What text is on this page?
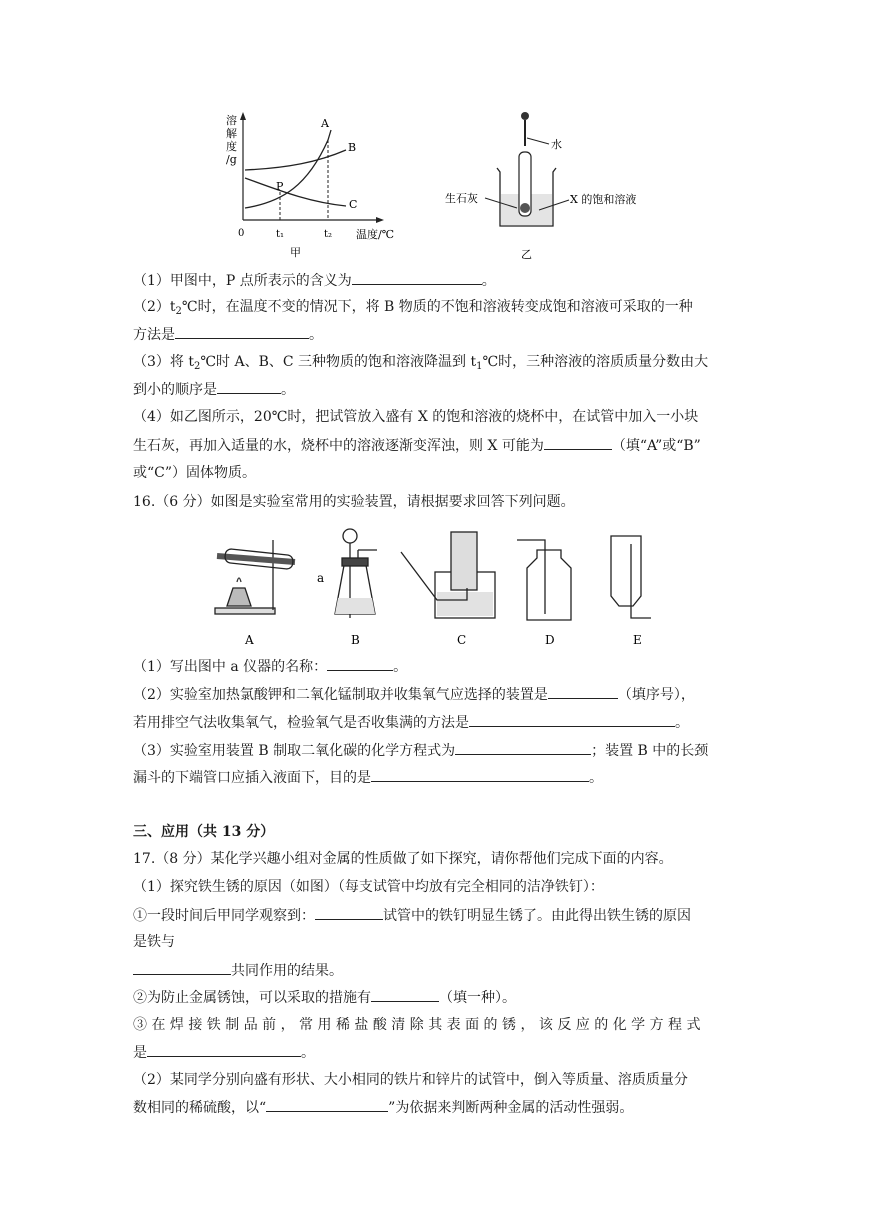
溶
解
度
/g
A
B
C
P
0	t₁	t₂ 温度/℃
甲
水
生石灰	X 的饱和溶液
乙
（1）甲图中，P 点所表示的含义为	。
$(2)t_2℃$时，在温度不变的情况下，将 B 物质的不饱和溶液转变成饱和溶液可采取的一种
方法是	。
（3）将 $t_2℃$时 A、B、C 三种物质的饱和溶液降温到 $t_1℃$时，三种溶液的溶质质量分数由大
到小的顺序是	。
（4）如乙图所示，20℃时，把试管放入盛有 X 的饱和溶液的烧杯中，在试管中加入一小块
生石灰，再加入适量的水，烧杯中的溶液逐渐变浑浊，则 X 可能为	（填“A”或“B”
或“C”）固体物质。
16.（6 分）如图是实验室常用的实验装置，请根据要求回答下列问题。
A
a
B	C	D	E
（1）写出图中 a 仪器的名称：	。
（2）实验室加热氯酸钾和二氧化锰制取并收集氧气应选择的装置是	（填序号），
若用排空气法收集氧气，检验氧气是否收集满的方法是	。
（3）实验室用装置 B 制取二氧化碳的化学方程式为	；装置 B 中的长颈
漏斗的下端管口应插入液面下，目的是	。
三、应用（共 13 分）
17.（8 分）某化学兴趣小组对金属的性质做了如下探究，请你帮他们完成下面的内容。
（1）探究铁生锈的原因（如图）（每支试管中均放有完全相同的洁净铁钉）：
①一段时间后甲同学观察到：	试管中的铁钉明显生锈了。由此得出铁生锈的原因
是铁与
共同作用的结果。
②为防止金属锈蚀，可以采取的措施有	（填一种）。
③ 在 焊 接 铁 制 品 前 ， 常 用 稀 盐 酸 清 除 其 表 面 的 锈 ， 该 反 应 的 化 学 方 程 式
是	。
（2）某同学分别向盛有形状、大小相同的铁片和锌片的试管中，倒入等质量、溶质质量分
数相同的稀硫酸，以“	”为依据来判断两种金属的活动性强弱。
